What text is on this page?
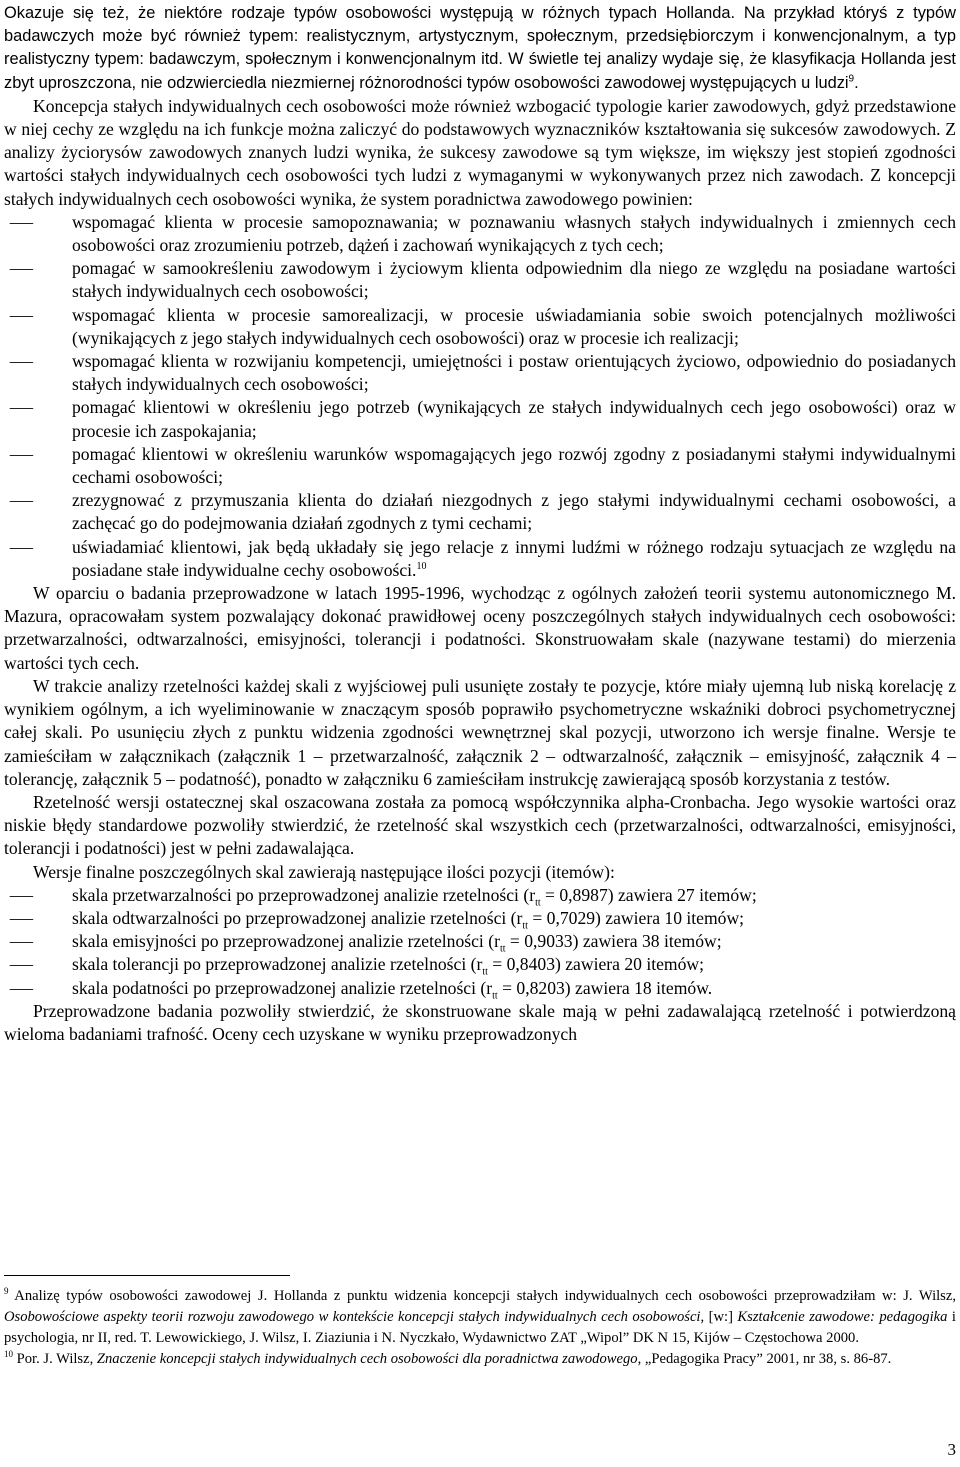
Okazuje się też, że niektóre rodzaje typów osobowości występują w różnych typach Hollanda. Na przykład któryś z typów badawczych może być również typem: realistycznym, artystycznym, społecznym, przedsiębiorczym i konwencjonalnym, a typ realistyczny typem: badawczym, społecznym i konwencjonalnym itd. W świetle tej analizy wydaje się, że klasyfikacja Hollanda jest zbyt uproszczona, nie odzwierciedla niezmiernej różnorodności typów osobowości zawodowej występujących u ludzi$^9$.

Koncepcja stałych indywidualnych cech osobowości może również wzbogacić typologie karier zawodowych, gdyż przedstawione w niej cechy ze względu na ich funkcje można zaliczyć do podstawowych wyznaczników kształtowania się sukcesów zawodowych. Z analizy życiorysów zawodowych znanych ludzi wynika, że sukcesy zawodowe są tym większe, im większy jest stopień zgodności wartości stałych indywidualnych cech osobowości tych ludzi z wymaganymi w wykonywanych przez nich zawodach. Z koncepcji stałych indywidualnych cech osobowości wynika, że system poradnictwa zawodowego powinien:

– wspomagać klienta w procesie samopoznawania; w poznawaniu własnych stałych indywidualnych i zmiennych cech osobowości oraz zrozumieniu potrzeb, dążeń i zachowań wynikających z tych cech;
– pomagać w samookreśleniu zawodowym i życiowym klienta odpowiednim dla niego ze względu na posiadane wartości stałych indywidualnych cech osobowości;
– wspomagać klienta w procesie samorealizacji, w procesie uświadamiania sobie swoich potencjalnych możliwości (wynikających z jego stałych indywidualnych cech osobowości) oraz w procesie ich realizacji;
– wspomagać klienta w rozwijaniu kompetencji, umiejętności i postaw orientujących życiowo, odpowiednio do posiadanych stałych indywidualnych cech osobowości;
– pomagać klientowi w określeniu jego potrzeb (wynikających ze stałych indywidualnych cech jego osobowości) oraz w procesie ich zaspokajania;
– pomagać klientowi w określeniu warunków wspomagających jego rozwój zgodny z posiadanymi stałymi indywidualnymi cechami osobowości;
– zrezygnować z przymuszania klienta do działań niezgodnych z jego stałymi indywidualnymi cechami osobowości, a zachęcać go do podejmowania działań zgodnych z tymi cechami;
– uświadamiać klientowi, jak będą układały się jego relacje z innymi ludźmi w różnego rodzaju sytuacjach ze względu na posiadane stałe indywidualne cechy osobowości.$^{10}$

W oparciu o badania przeprowadzone w latach 1995-1996, wychodząc z ogólnych założeń teorii systemu autonomicznego M. Mazura, opracowałam system pozwalający dokonać prawidłowej oceny poszczególnych stałych indywidualnych cech osobowości: przetwarzalności, odtwarzalności, emisyjności, tolerancji i podatności. Skonstruowałam skale (nazywane testami) do mierzenia wartości tych cech.

W trakcie analizy rzetelności każdej skali z wyjściowej puli usunięte zostały te pozycje, które miały ujemną lub niską korelację z wynikiem ogólnym, a ich wyeliminowanie w znaczącym sposób poprawiło psychometryczne wskaźniki dobroci psychometrycznej całej skali. Po usunięciu złych z punktu widzenia zgodności wewnętrznej skal pozycji, utworzono ich wersje finalne. Wersje te zamieściłam w załącznikach (załącznik 1 – przetwarzalność, załącznik 2 – odtwarzalność, załącznik – emisyjność, załącznik 4 – tolerancję, załącznik 5 – podatność), ponadto w załączniku 6 zamieściłam instrukcję zawierającą sposób korzystania z testów.

Rzetelność wersji ostatecznej skal oszacowana została za pomocą współczynnika alpha-Cronbacha. Jego wysokie wartości oraz niskie błędy standardowe pozwoliły stwierdzić, że rzetelność skal wszystkich cech (przetwarzalności, odtwarzalności, emisyjności, tolerancji i podatności) jest w pełni zadawalająca.

Wersje finalne poszczególnych skal zawierają następujące ilości pozycji (itemów):

– skala przetwarzalności po przeprowadzonej analizie rzetelności $(r_{tt} = 0,8987)$ zawiera 27 itemów;
– skala odtwarzalności po przeprowadzonej analizie rzetelności $(r_{tt} = 0,7029)$ zawiera 10 itemów;
– skala emisyjności po przeprowadzonej analizie rzetelności $(r_{tt} = 0,9033)$ zawiera 38 itemów;
– skala tolerancji po przeprowadzonej analizie rzetelności $(r_{tt} = 0,8403)$ zawiera 20 itemów;
– skala podatności po przeprowadzonej analizie rzetelności $(r_{tt} = 0,8203)$ zawiera 18 itemów.

Przeprowadzone badania pozwoliły stwierdzić, że skonstruowane skale mają w pełni zadawalającą rzetelność i potwierdzoną wieloma badaniami trafność. Oceny cech uzyskane w wyniku przeprowadzonych

$^9$ Analizę typów osobowości zawodowej J. Hollanda z punktu widzenia koncepcji stałych indywidualnych cech osobowości przeprowadziłam w: J. Wilsz, Osobowościowe aspekty teorii rozwoju zawodowego w kontekście koncepcji stałych indywidualnych cech osobowości, [w:] Kształcenie zawodowe: pedagogika i psychologia, nr II, red. T. Lewowickiego, J. Wilsz, I. Ziaziunia i N. Nyczkało, Wydawnictwo ZAT „Wipol” DK N 15, Kijów – Częstochowa 2000.

$^{10}$ Por. J. Wilsz, Znaczenie koncepcji stałych indywidualnych cech osobowości dla poradnictwa zawodowego, „Pedagogika Pracy” 2001, nr 38, s. 86-87.

3
